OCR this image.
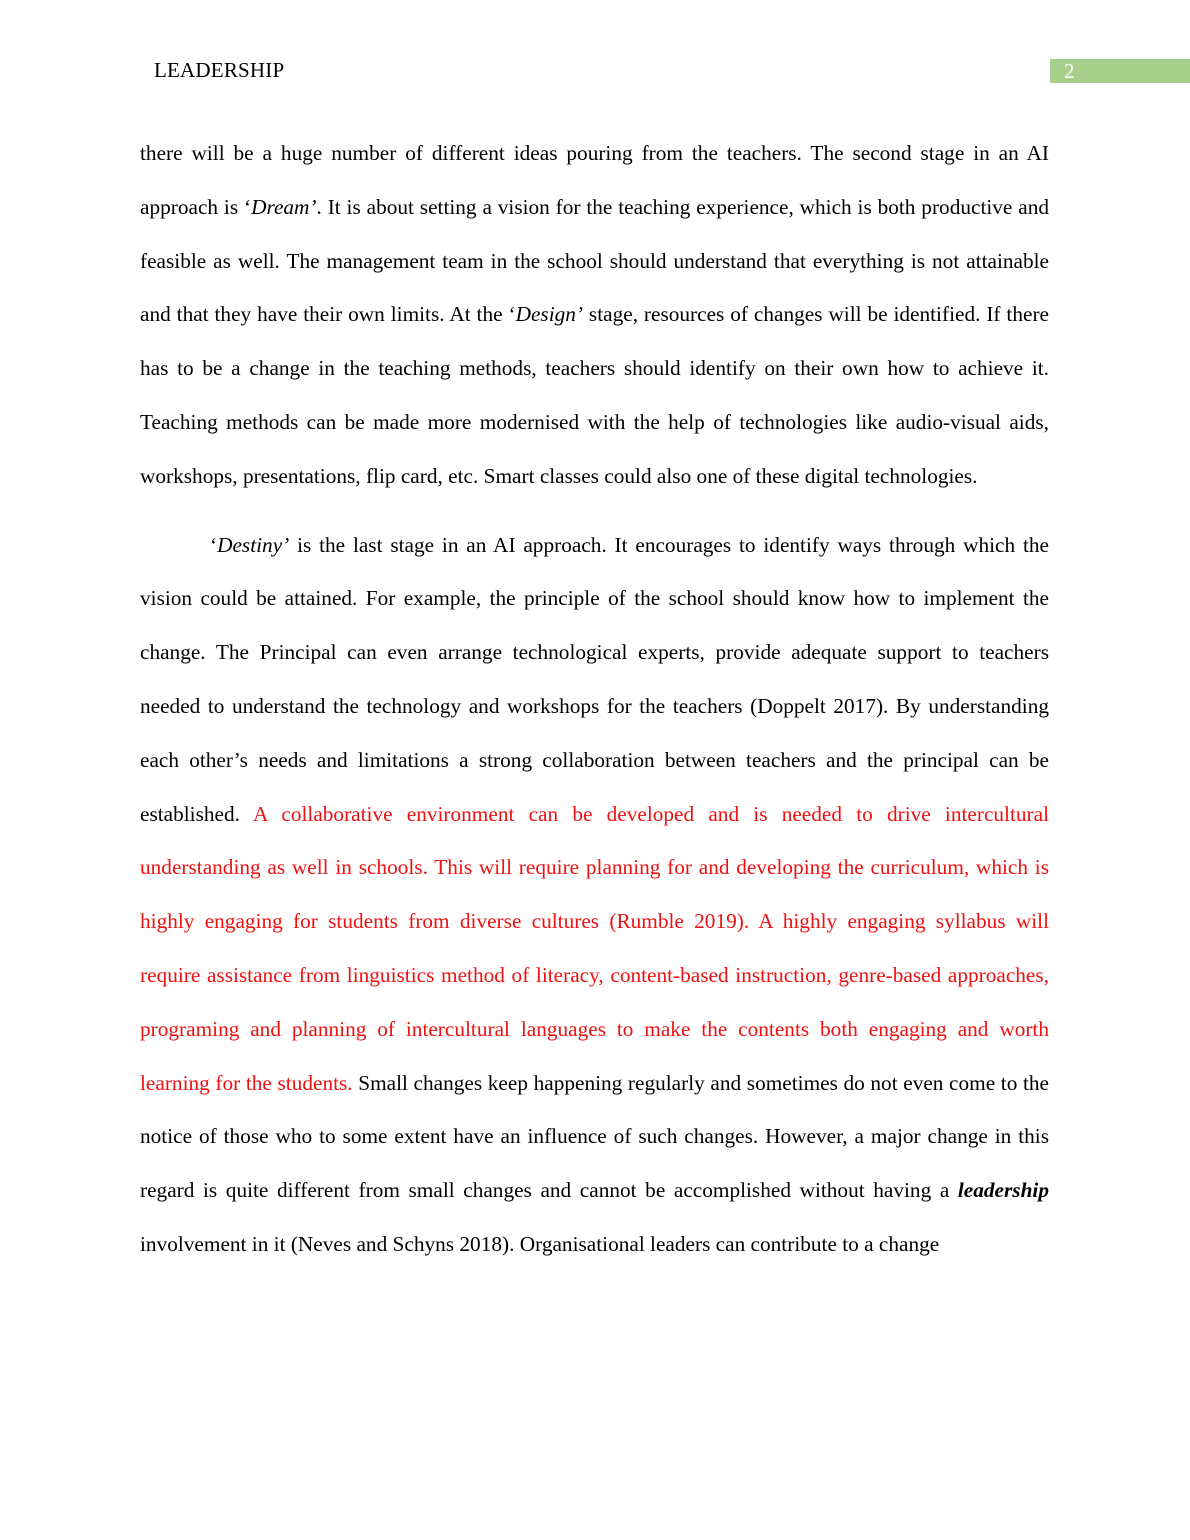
LEADERSHIP	2

there will be a huge number of different ideas pouring from the teachers. The second stage in an AI approach is ‘Dream’. It is about setting a vision for the teaching experience, which is both productive and feasible as well. The management team in the school should understand that everything is not attainable and that they have their own limits. At the ‘Design’ stage, resources of changes will be identified. If there has to be a change in the teaching methods, teachers should identify on their own how to achieve it. Teaching methods can be made more modernised with the help of technologies like audio-visual aids, workshops, presentations, flip card, etc. Smart classes could also one of these digital technologies.

‘Destiny’ is the last stage in an AI approach. It encourages to identify ways through which the vision could be attained. For example, the principle of the school should know how to implement the change. The Principal can even arrange technological experts, provide adequate support to teachers needed to understand the technology and workshops for the teachers (Doppelt 2017). By understanding each other’s needs and limitations a strong collaboration between teachers and the principal can be established. A collaborative environment can be developed and is needed to drive intercultural understanding as well in schools. This will require planning for and developing the curriculum, which is highly engaging for students from diverse cultures (Rumble 2019). A highly engaging syllabus will require assistance from linguistics method of literacy, content-based instruction, genre-based approaches, programing and planning of intercultural languages to make the contents both engaging and worth learning for the students. Small changes keep happening regularly and sometimes do not even come to the notice of those who to some extent have an influence of such changes. However, a major change in this regard is quite different from small changes and cannot be accomplished without having a leadership involvement in it (Neves and Schyns 2018). Organisational leaders can contribute to a change
